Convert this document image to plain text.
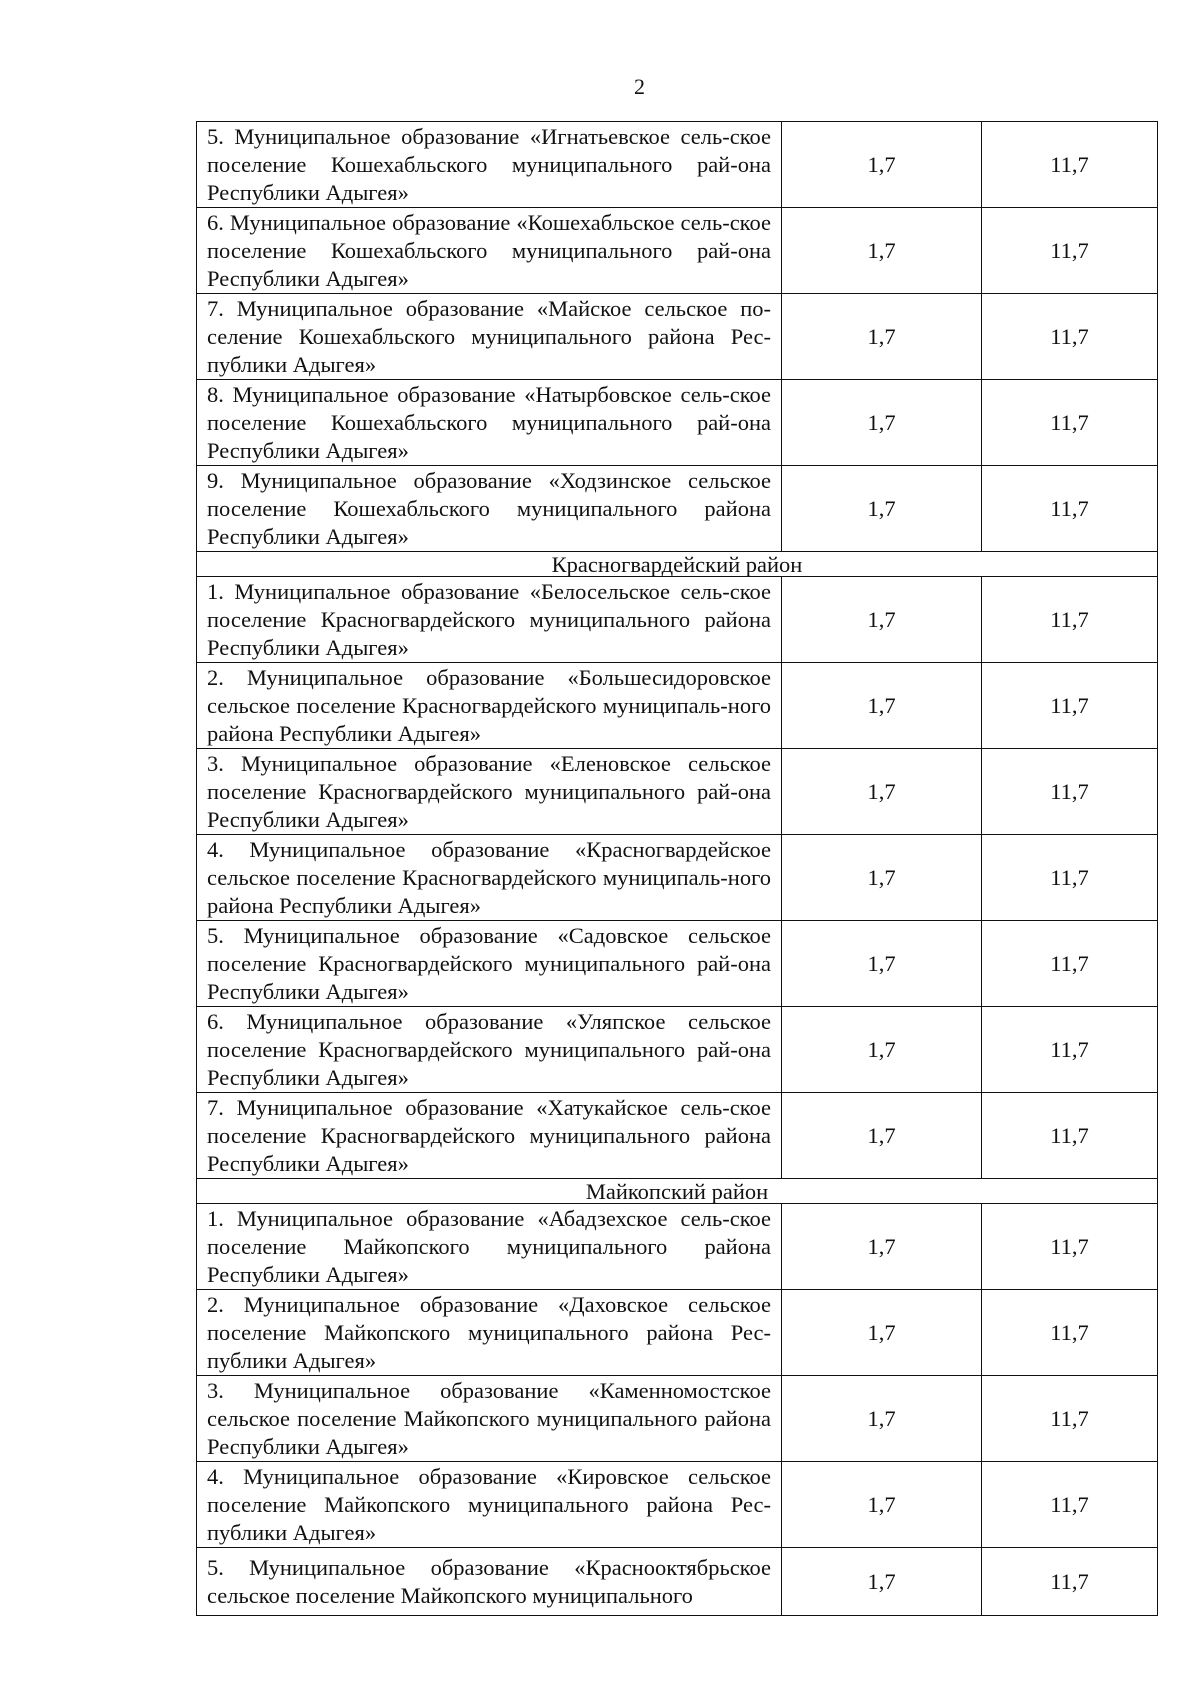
2
5. Муниципальное образование «Игнатьевское сель-ское поселение Кошехабльского муниципального рай-она Республики Адыгея»	1,7	11,7
6. Муниципальное образование «Кошехабльское сель-ское поселение Кошехабльского муниципального рай-она Республики Адыгея»	1,7	11,7
7. Муниципальное образование «Майское сельское по-селение Кошехабльского муниципального района Рес-публики Адыгея»	1,7	11,7
8. Муниципальное образование «Натырбовское сель-ское поселение Кошехабльского муниципального рай-она Республики Адыгея»	1,7	11,7
9. Муниципальное образование «Ходзинское сельское поселение Кошехабльского муниципального района Республики Адыгея»	1,7	11,7
Красногвардейский район		
1. Муниципальное образование «Белосельское сель-ское поселение Красногвардейского муниципального района Республики Адыгея»	1,7	11,7
2. Муниципальное образование «Большесидоровское сельское поселение Красногвардейского муниципаль-ного района Республики Адыгея»	1,7	11,7
3. Муниципальное образование «Еленовское сельское поселение Красногвардейского муниципального рай-она Республики Адыгея»	1,7	11,7
4. Муниципальное образование «Красногвардейское сельское поселение Красногвардейского муниципаль-ного района Республики Адыгея»	1,7	11,7
5. Муниципальное образование «Садовское сельское поселение Красногвардейского муниципального рай-она Республики Адыгея»	1,7	11,7
6. Муниципальное образование «Уляпское сельское поселение Красногвардейского муниципального рай-она Республики Адыгея»	1,7	11,7
7. Муниципальное образование «Хатукайское сель-ское поселение Красногвардейского муниципального района Республики Адыгея»	1,7	11,7
Майкопский район		
1. Муниципальное образование «Абадзехское сель-ское поселение Майкопского муниципального района Республики Адыгея»	1,7	11,7
2. Муниципальное образование «Даховское сельское поселение Майкопского муниципального района Рес-публики Адыгея»	1,7	11,7
3. Муниципальное образование «Каменномостское сельское поселение Майкопского муниципального района Республики Адыгея»	1,7	11,7
4. Муниципальное образование «Кировское сельское поселение Майкопского муниципального района Рес-публики Адыгея»	1,7	11,7
5. Муниципальное образование «Краснооктябрьское сельское поселение Майкопского муниципального	1,7	11,7
